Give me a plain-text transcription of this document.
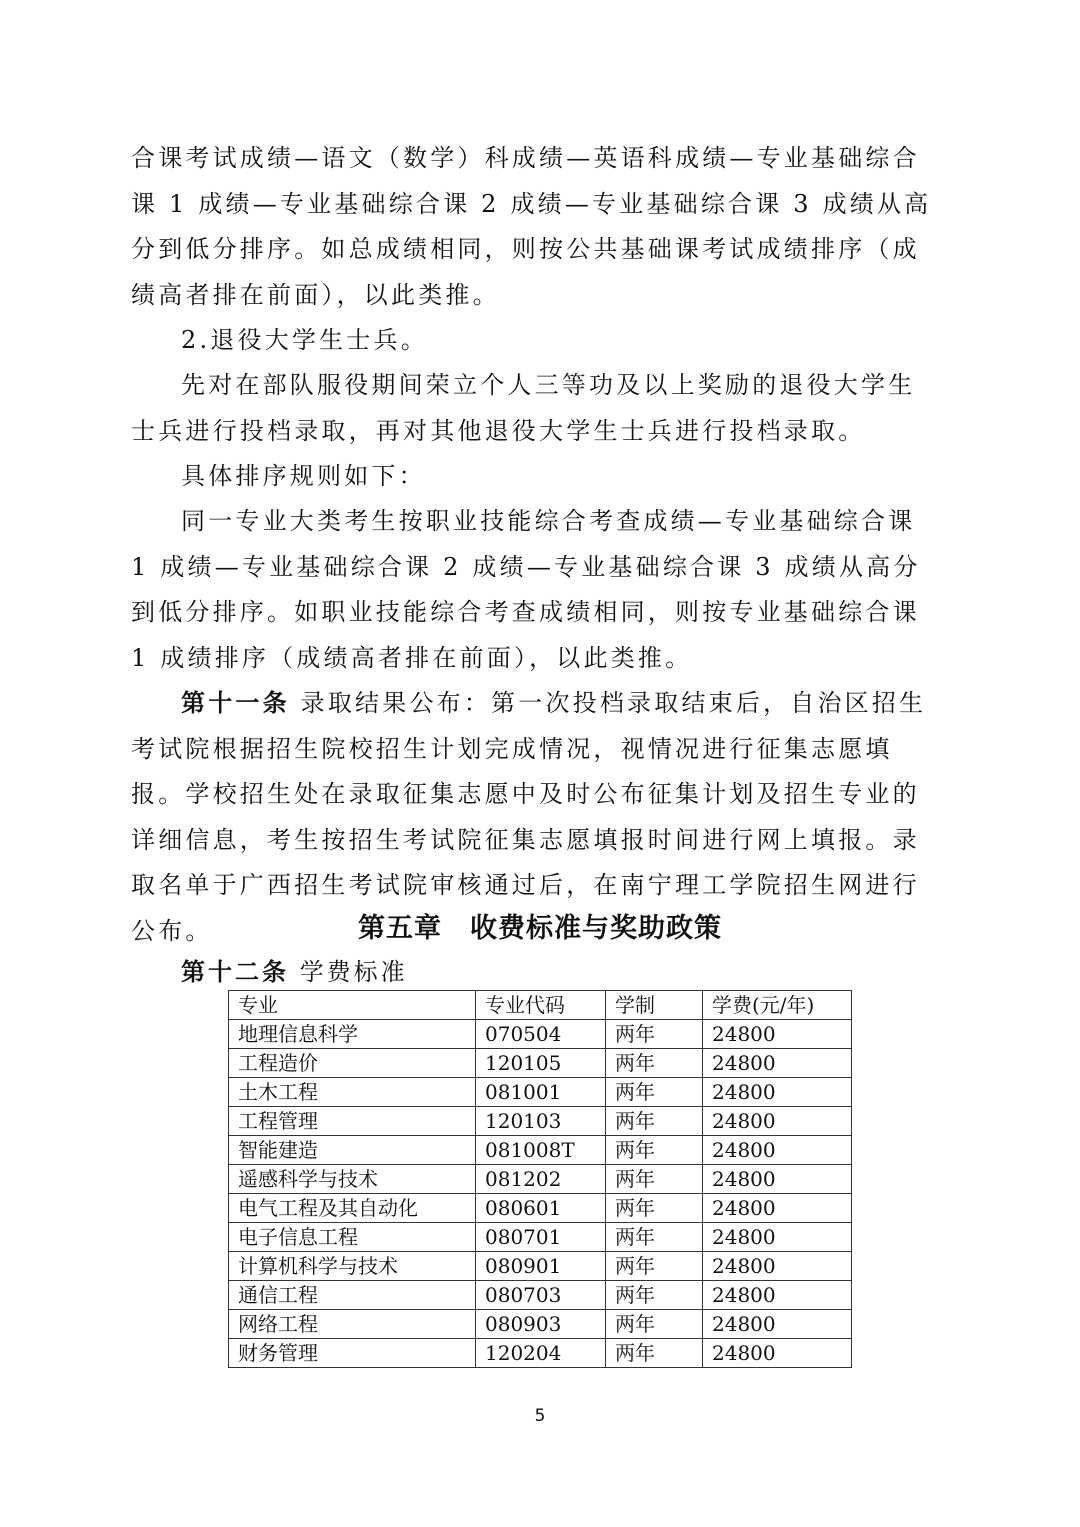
合课考试成绩—语文（数学）科成绩—英语科成绩—专业基础综合课 1 成绩—专业基础综合课 2 成绩—专业基础综合课 3 成绩从高分到低分排序。如总成绩相同，则按公共基础课考试成绩排序（成绩高者排在前面），以此类推。

2.退役大学生士兵。

先对在部队服役期间荣立个人三等功及以上奖励的退役大学生士兵进行投档录取，再对其他退役大学生士兵进行投档录取。

具体排序规则如下：

同一专业大类考生按职业技能综合考查成绩—专业基础综合课 1 成绩—专业基础综合课 2 成绩—专业基础综合课 3 成绩从高分到低分排序。如职业技能综合考查成绩相同，则按专业基础综合课 1 成绩排序（成绩高者排在前面），以此类推。

第十一条 录取结果公布：第一次投档录取结束后，自治区招生考试院根据招生院校招生计划完成情况，视情况进行征集志愿填报。学校招生处在录取征集志愿中及时公布征集计划及招生专业的详细信息，考生按招生考试院征集志愿填报时间进行网上填报。录取名单于广西招生考试院审核通过后，在南宁理工学院招生网进行公布。	第五章　收费标准与奖助政策
第十二条 学费标准
专业	专业代码	学制	学费(元/年)
地理信息科学	070504	两年	24800
工程造价	120105	两年	24800
土木工程	081001	两年	24800
工程管理	120103	两年	24800
智能建造	081008T	两年	24800
遥感科学与技术	081202	两年	24800
电气工程及其自动化	080601	两年	24800
电子信息工程	080701	两年	24800
计算机科学与技术	080901	两年	24800
通信工程	080703	两年	24800
网络工程	080903	两年	24800
财务管理	120204	两年	24800
5
